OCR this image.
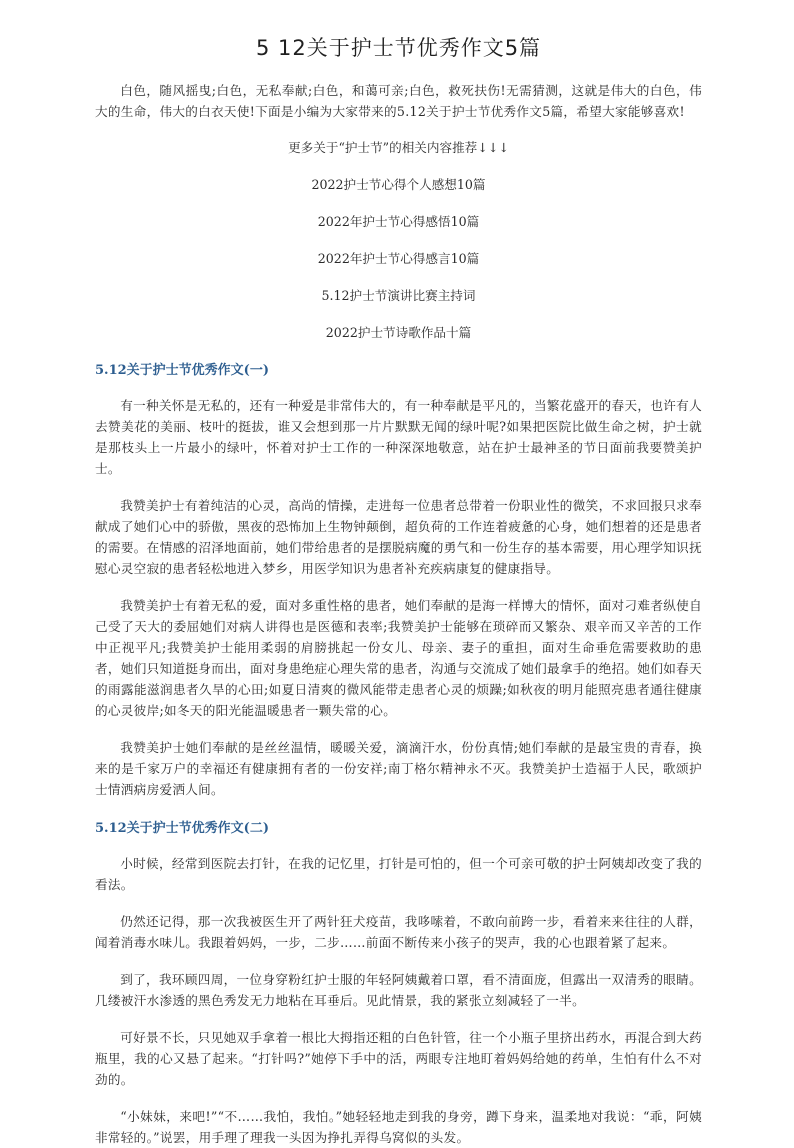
5 12关于护士节优秀作文5篇

白色，随风摇曳;白色，无私奉献;白色，和蔼可亲;白色，救死扶伤!无需猜测，这就是伟大的白色，伟大的生命，伟大的白衣天使!下面是小编为大家带来的5.12关于护士节优秀作文5篇，希望大家能够喜欢!

更多关于“护士节”的相关内容推荐↓↓↓

2022护士节心得个人感想10篇

2022年护士节心得感悟10篇

2022年护士节心得感言10篇

5.12护士节演讲比赛主持词

2022护士节诗歌作品十篇

5.12关于护士节优秀作文(一)

有一种关怀是无私的，还有一种爱是非常伟大的，有一种奉献是平凡的，当繁花盛开的春天，也许有人去赞美花的美丽、枝叶的挺拔，谁又会想到那一片片默默无闻的绿叶呢?如果把医院比做生命之树，护士就是那枝头上一片最小的绿叶，怀着对护士工作的一种深深地敬意，站在护士最神圣的节日面前我要赞美护士。

我赞美护士有着纯洁的心灵，高尚的情操，走进每一位患者总带着一份职业性的微笑，不求回报只求奉献成了她们心中的骄傲，黑夜的恐怖加上生物钟颠倒，超负荷的工作连着疲惫的心身，她们想着的还是患者的需要。在情感的沼泽地面前，她们带给患者的是摆脱病魔的勇气和一份生存的基本需要，用心理学知识抚慰心灵空寂的患者轻松地进入梦乡，用医学知识为患者补充疾病康复的健康指导。

我赞美护士有着无私的爱，面对多重性格的患者，她们奉献的是海一样博大的情怀，面对刁难者纵使自己受了天大的委屈她们对病人讲得也是医德和表率;我赞美护士能够在琐碎而又繁杂、艰辛而又辛苦的工作中正视平凡;我赞美护士能用柔弱的肩膀挑起一份女儿、母亲、妻子的重担，面对生命垂危需要救助的患者，她们只知道挺身而出，面对身患绝症心理失常的患者，沟通与交流成了她们最拿手的绝招。她们如春天的雨露能滋润患者久旱的心田;如夏日清爽的微风能带走患者心灵的烦躁;如秋夜的明月能照亮患者通往健康的心灵彼岸;如冬天的阳光能温暖患者一颗失常的心。

我赞美护士她们奉献的是丝丝温情，暖暖关爱，滴滴汗水，份份真情;她们奉献的是最宝贵的青春，换来的是千家万户的幸福还有健康拥有者的一份安祥;南丁格尔精神永不灭。我赞美护士造福于人民，歌颂护士情洒病房爱洒人间。

5.12关于护士节优秀作文(二)

小时候，经常到医院去打针，在我的记忆里，打针是可怕的，但一个可亲可敬的护士阿姨却改变了我的看法。

仍然还记得，那一次我被医生开了两针狂犬疫苗，我哆嗦着，不敢向前跨一步，看着来来往往的人群，闻着消毒水味儿。我跟着妈妈，一步，二步……前面不断传来小孩子的哭声，我的心也跟着紧了起来。

到了，我环顾四周，一位身穿粉红护士服的年轻阿姨戴着口罩，看不清面庞，但露出一双清秀的眼睛。几缕被汗水渗透的黑色秀发无力地粘在耳垂后。见此情景，我的紧张立刻减轻了一半。

可好景不长，只见她双手拿着一根比大拇指还粗的白色针管，往一个小瓶子里挤出药水，再混合到大药瓶里，我的心又悬了起来。“打针吗?”她停下手中的活，两眼专注地盯着妈妈给她的药单，生怕有什么不对劲的。

“小妹妹，来吧!”“不……我怕，我怕。”她轻轻地走到我的身旁，蹲下身来，温柔地对我说：“乖，阿姨非常轻的。”说罢，用手理了理我一头因为挣扎弄得乌窝似的头发。
